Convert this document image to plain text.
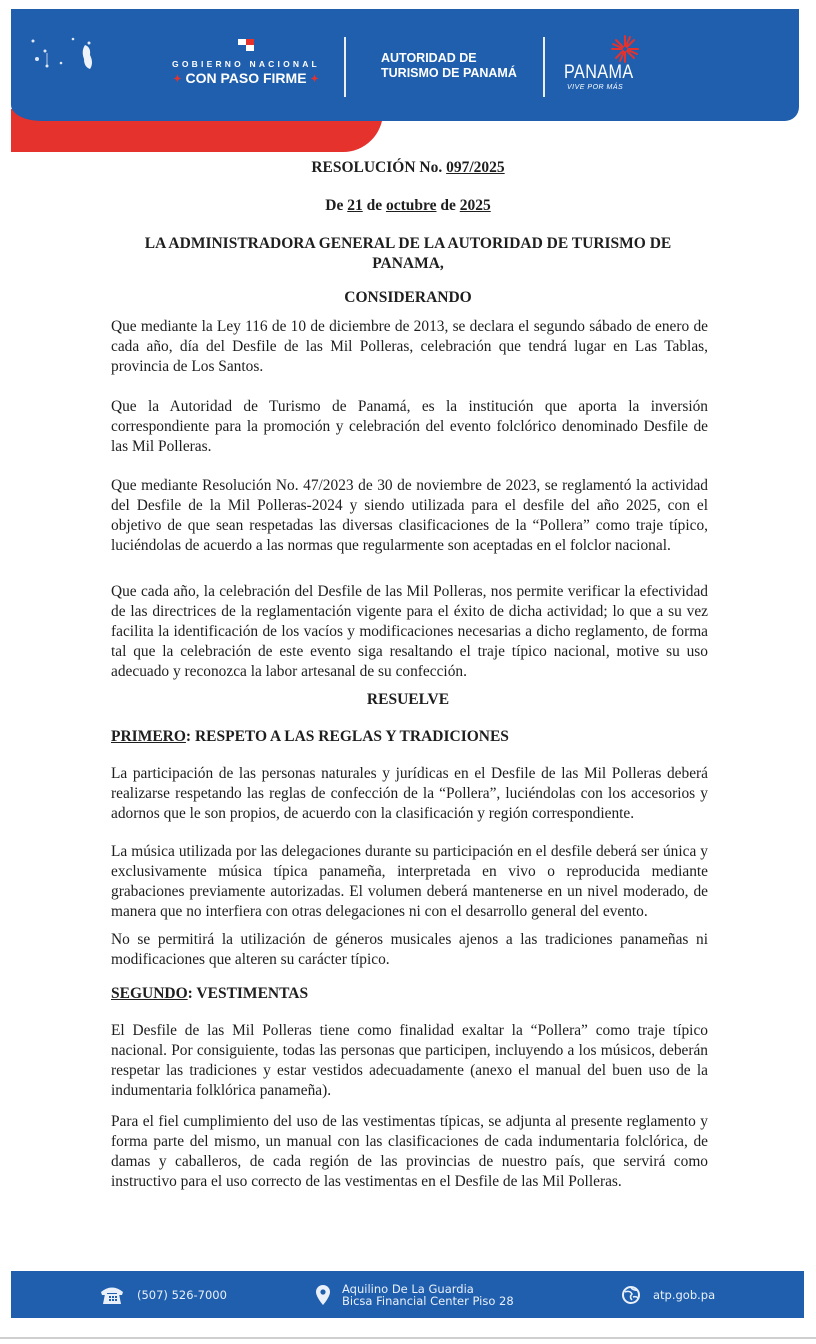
GOBIERNO NACIONAL
✦ CON PASO FIRME ✦
AUTORIDAD DE
TURISMO DE PANAMÁ PANAMA
VIVE POR MÁS
RESOLUCIÓN No. 097/2025
De 21 de octubre de 2025
LA ADMINISTRADORA GENERAL DE LA AUTORIDAD DE TURISMO DE
PANAMA,
CONSIDERANDO

Que mediante la Ley 116 de 10 de diciembre de 2013, se declara el segundo sábado de enero de cada año, día del Desfile de las Mil Polleras, celebración que tendrá lugar en Las Tablas, provincia de Los Santos.

Que la Autoridad de Turismo de Panamá, es la institución que aporta la inversión correspondiente para la promoción y celebración del evento folclórico denominado Desfile de las Mil Polleras.

Que mediante Resolución No. 47/2023 de 30 de noviembre de 2023, se reglamentó la actividad del Desfile de la Mil Polleras-2024 y siendo utilizada para el desfile del año 2025, con el objetivo de que sean respetadas las diversas clasificaciones de la “Pollera” como traje típico, luciéndolas de acuerdo a las normas que regularmente son aceptadas en el folclor nacional.

Que cada año, la celebración del Desfile de las Mil Polleras, nos permite verificar la efectividad de las directrices de la reglamentación vigente para el éxito de dicha actividad; lo que a su vez facilita la identificación de los vacíos y modificaciones necesarias a dicho reglamento, de forma tal que la celebración de este evento siga resaltando el traje típico nacional, motive su uso adecuado y reconozca la labor artesanal de su confección.

RESUELVE
PRIMERO: RESPETO A LAS REGLAS Y TRADICIONES

La participación de las personas naturales y jurídicas en el Desfile de las Mil Polleras deberá realizarse respetando las reglas de confección de la “Pollera”, luciéndolas con los accesorios y adornos que le son propios, de acuerdo con la clasificación y región correspondiente.

La música utilizada por las delegaciones durante su participación en el desfile deberá ser única y exclusivamente música típica panameña, interpretada en vivo o reproducida mediante grabaciones previamente autorizadas. El volumen deberá mantenerse en un nivel moderado, de manera que no interfiera con otras delegaciones ni con el desarrollo general del evento.

No se permitirá la utilización de géneros musicales ajenos a las tradiciones panameñas ni modificaciones que alteren su carácter típico.

SEGUNDO: VESTIMENTAS

El Desfile de las Mil Polleras tiene como finalidad exaltar la “Pollera” como traje típico nacional. Por consiguiente, todas las personas que participen, incluyendo a los músicos, deberán respetar las tradiciones y estar vestidos adecuadamente (anexo el manual del buen uso de la indumentaria folklórica panameña).

Para el fiel cumplimiento del uso de las vestimentas típicas, se adjunta al presente reglamento y forma parte del mismo, un manual con las clasificaciones de cada indumentaria folclórica, de damas y caballeros, de cada región de las provincias de nuestro país, que servirá como instructivo para el uso correcto de las vestimentas en el Desfile de las Mil Polleras.

(507) 526-7000	Aquilino De La Guardia
Bicsa Financial Center Piso 28	atp.gob.pa
